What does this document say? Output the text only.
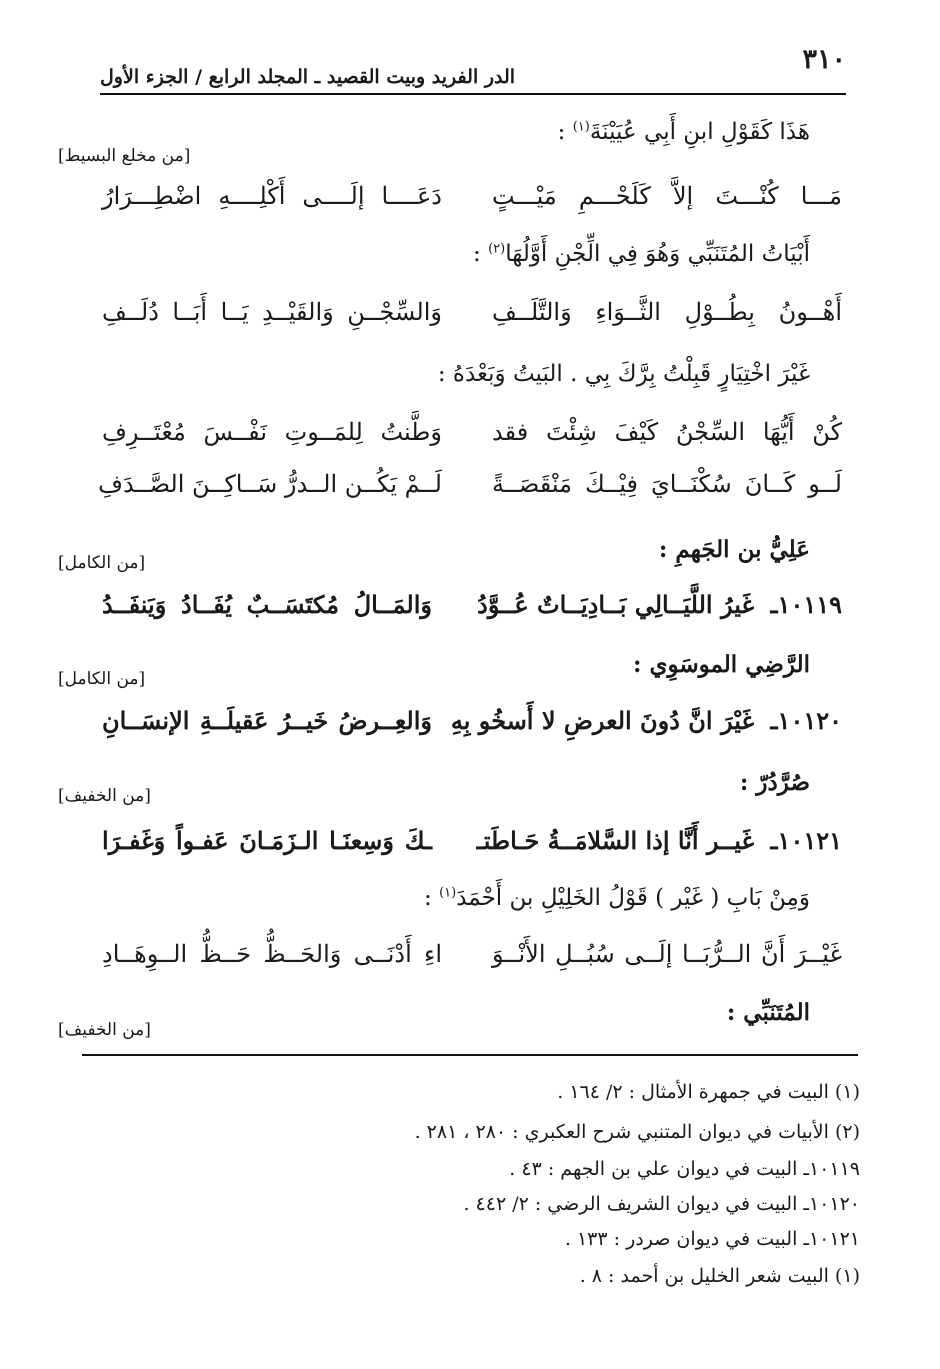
٣١٠
الدر الفريد وبيت القصيد ـ المجلد الرابع / الجزء الأول
هَذَا كَقَوْلِ ابنِ أَبِي عُيَيْنَةَ$^{(١)}$ :
[من مخلع البسيط]
مَـــا كُنْـــتَ إلاَّ كَلَحْـــمِ مَيْـــتٍ
دَعَــــا إلَــــى أَكْلِــــهِ اضْطِـــرَارُ
أَبْيَاتُ المُتَنَبِّي وَهُوَ فِي الِّجْنِ أَوَّلُهَا$^{(٢)}$ :
أَهْــونُ بِطُــوْلِ الثَّــوَاءِ وَالتَّلَــفِ
وَالسِّجْــنِ وَالقَيْــدِ يَــا أَبَــا دُلَــفِ
غَيْرَ اخْتِيَارٍ قَبِلْتُ بِرَّكَ بِي . البَيتُ وَبَعْدَهُ :
كُنْ أَيُّهَا السِّجْنُ كَيْفَ شِئْتَ فقد
وَطَّنتُ لِلمَــوتِ نَفْــسَ مُعْتَــرِفِ
لَــو كَــانَ سُكْنَــايَ فِيْــكَ مَنْقَصَــةً
لَــمْ يَكُــن الــدرُّ سَــاكِــنَ الصَّــدَفِ
عَلِيُّ بن الجَهمِ :
[من الكامل]
١٠١١٩ـ
غَيرُ اللَّيَــالِي بَــادِيَــاتٌ عُــوَّدُ
وَالمَــالُ مُكتَسَــبٌ يُفَــادُ وَيَنفَــدُ
الرَّضِي الموسَوِي :
[من الكامل]
١٠١٢٠ـ
غَيْرَ انَّ دُونَ العرضِ لا أَسخُو بِهِ
وَالعِــرضُ خَيــرُ عَقيلَــةِ الإنسَــانِ
صُرَّدُرّ :
[من الخفيف]
١٠١٢١ـ
غَيــر أَنَّا إذا السَّلامَــةُ حَـاطَتـ
ـكَ وَسِعنَـا الـزَمَـانَ عَفـواً وَغَفـرَا
وَمِنْ بَابِ ( غَيْر ) قَوْلُ الخَلِيْلِ بن أَحْمَدَ$^{(١)}$ :
غَيْــرَ أَنَّ الــرُّبَــا إلَــى سُبُــلِ الأَنْــوَ
اءِ أَدْنَــى وَالحَــظُّ حَــظُّ الــوِهَــادِ
المُتَنَبِّي :
[من الخفيف]
(١) البيت في جمهرة الأمثال : ٢/ ١٦٤ .
(٢) الأبيات في ديوان المتنبي شرح العكبري : ٢٨٠ ، ٢٨١ .
١٠١١٩ـ البيت في ديوان علي بن الجهم : ٤٣ .
١٠١٢٠ـ البيت في ديوان الشريف الرضي : ٢/ ٤٤٢ .
١٠١٢١ـ البيت في ديوان صردر : ١٣٣ .
(١) البيت شعر الخليل بن أحمد : ٨ .
